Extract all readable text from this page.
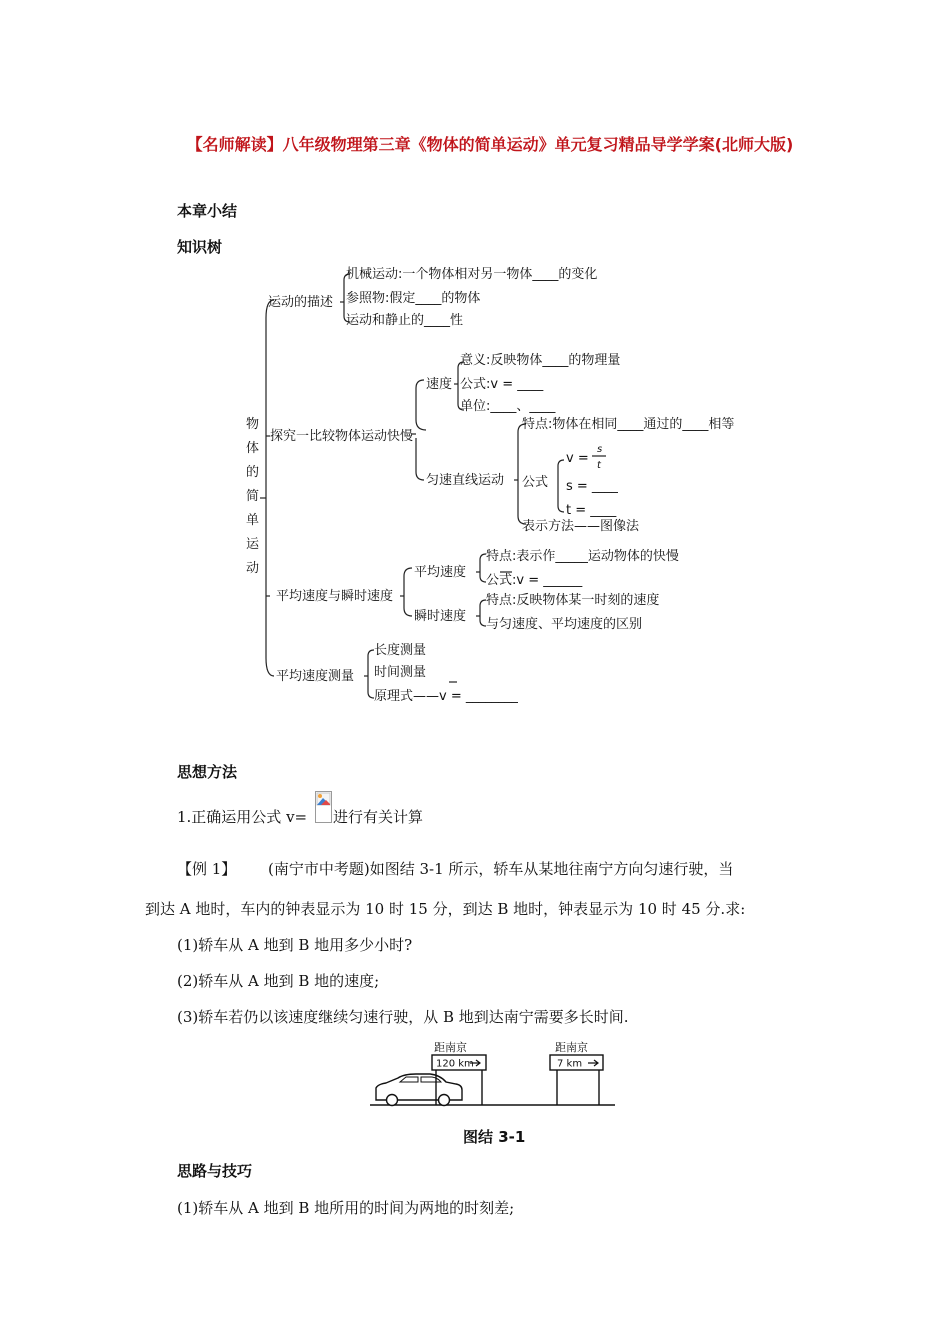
【名师解读】八年级物理第三章《物体的简单运动》单元复习精品导学学案(北师大版)
本章小结
知识树
物
体
的
简
单
运
动
运动的描述
机械运动:一个物体相对另一物体____的变化
参照物:假定____的物体
运动和静止的____性
探究一比较物体运动快慢
速度
意义:反映物体____的物理量
公式:v = ____
单位:____、____
匀速直线运动
特点:物体在相同____通过的____相等
公式
v =
s
t
s = ____
t = ____
表示方法——图像法
平均速度与瞬时速度
平均速度
特点:表示作_____运动物体的快慢
公式:v = ______
瞬时速度
特点:反映物体某一时刻的速度
与匀速度、平均速度的区别
平均速度测量
长度测量
时间测量
原理式——v = ________
思想方法
1.正确运用公式 v= 进行有关计算
【例 1】 (南宁市中考题)如图结 3-1 所示，轿车从某地往南宁方向匀速行驶，当
到达 A 地时，车内的钟表显示为 10 时 15 分，到达 B 地时，钟表显示为 10 时 45 分.求:
(1)轿车从 A 地到 B 地用多少小时?
(2)轿车从 A 地到 B 地的速度;
(3)轿车若仍以该速度继续匀速行驶，从 B 地到达南宁需要多长时间.
距南京
120 km
距南京
7 km
图结 3-1
思路与技巧
(1)轿车从 A 地到 B 地所用的时间为两地的时刻差;
